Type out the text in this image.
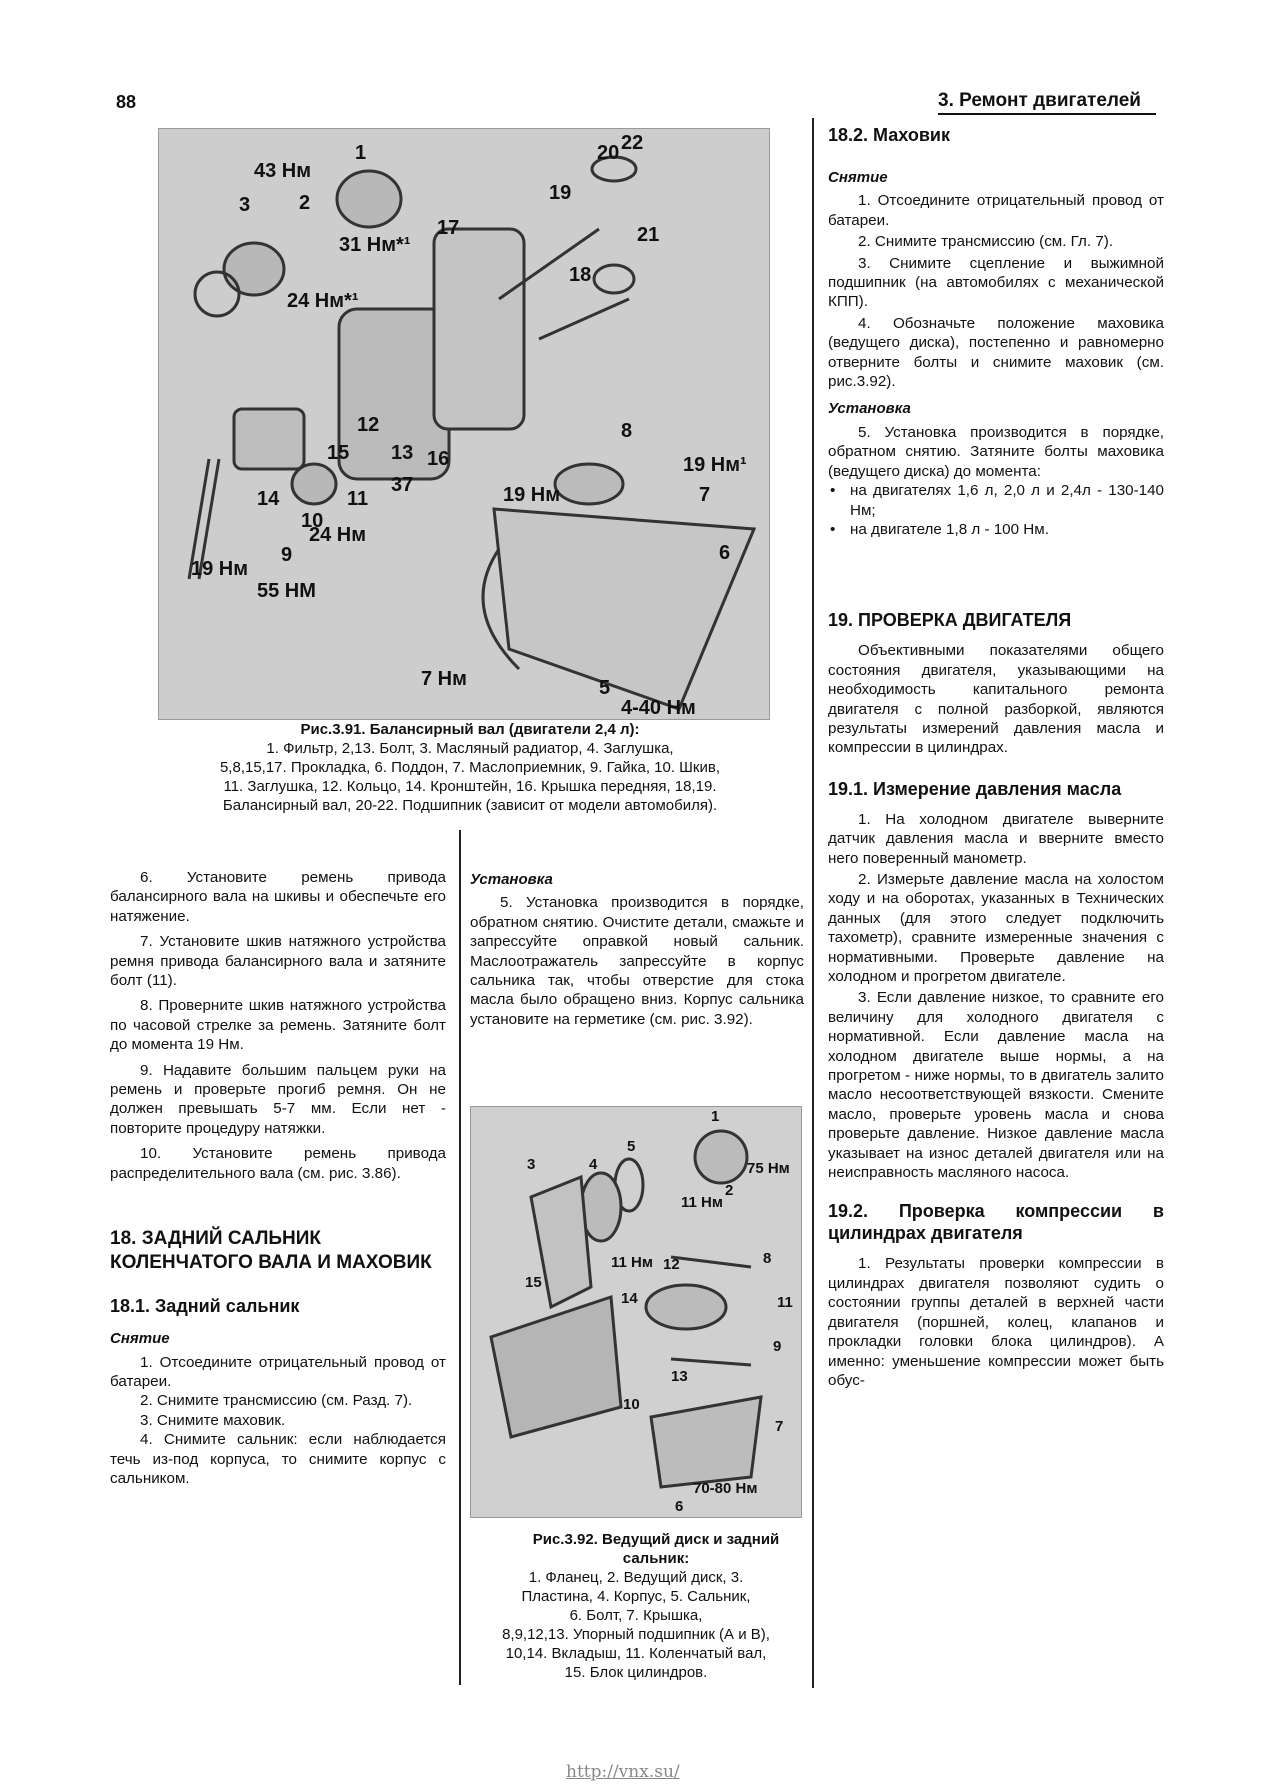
88	3. Ремонт двигателей
1
2
3
43 Нм
31 Нм*¹
24 Нм*¹
20 22
19
21
17
18
12
13
15	16
14	11
37
10
24 Нм
9
19 Нм
55 НМ
8
19 Нм¹
19 Нм	7
6
7 Нм	5
4-40 Нм
Рис.3.91. Балансирный вал (двигатели 2,4 л):
1. Фильтр, 2,13. Болт, 3. Масляный радиатор, 4. Заглушка,
5,8,15,17. Прокладка, 6. Поддон, 7. Маслоприемник, 9. Гайка, 10. Шкив,
11. Заглушка, 12. Кольцо, 14. Кронштейн, 16. Крышка передняя, 18,19.
Балансирный вал, 20-22. Подшипник (зависит от модели автомобиля).

6. Установите ремень привода балансирного вала на шкивы и обеспечьте его натяжение.

7. Установите шкив натяжного устройства ремня привода балансирного вала и затяните болт (11).

8. Проверните шкив натяжного устройства по часовой стрелке за ремень. Затяните болт до момента 19 Нм.

9. Надавите большим пальцем руки на ремень и проверьте прогиб ремня. Он не должен превышать 5-7 мм. Если нет - повторите процедуру натяжки.

10. Установите ремень привода распределительного вала (см. рис. 3.86).

18. ЗАДНИЙ САЛЬНИК КОЛЕНЧАТОГО ВАЛА И МАХОВИК
18.1. Задний сальник
Снятие

1. Отсоедините отрицательный провод от батареи.

2. Снимите трансмиссию (см. Разд. 7).

3. Снимите маховик.

4. Снимите сальник: если наблюдается течь из-под корпуса, то снимите корпус с сальником.

Установка

5. Установка производится в порядке, обратном снятию. Очистите детали, смажьте и запрессуйте оправкой новый сальник. Маслоотражатель запрессуйте в корпус сальника так, чтобы отверстие для стока масла было обращено вниз. Корпус сальника установите на герметике (см. рис. 3.92).

1
75 Нм
2
11 Нм
3	4
5
11 Нм 12	8
14	11
15
9
13
10
7
6
70-80 Нм
Рис.3.92. Ведущий диск и задний сальник:
1. Фланец, 2. Ведущий диск, 3.
Пластина, 4. Корпус, 5. Сальник,
6. Болт, 7. Крышка,
8,9,12,13. Упорный подшипник (А и В),
10,14. Вкладыш, 11. Коленчатый вал,
15. Блок цилиндров.
18.2. Маховик
Снятие

1. Отсоедините отрицательный провод от батареи.

2. Снимите трансмиссию (см. Гл. 7).

3. Снимите сцепление и выжимной подшипник (на автомобилях с механической КПП).

4. Обозначьте положение маховика (ведущего диска), постепенно и равномерно отверните болты и снимите маховик (см. рис.3.92).

Установка

5. Установка производится в порядке, обратном снятию. Затяните болты маховика (ведущего диска) до момента:

• на двигателях 1,6 л, 2,0 л и 2,4л - 130-140 Нм;
• на двигателе 1,8 л - 100 Нм.
19. ПРОВЕРКА ДВИГАТЕЛЯ

Объективными показателями общего состояния двигателя, указывающими на необходимость капитального ремонта двигателя с полной разборкой, являются результаты измерений давления масла и компрессии в цилиндрах.

19.1. Измерение давления масла

1. На холодном двигателе выверните датчик давления масла и вверните вместо него поверенный манометр.

2. Измерьте давление масла на холостом ходу и на оборотах, указанных в Технических данных (для этого следует подключить тахометр), сравните измеренные значения с нормативными. Проверьте давление на холодном и прогретом двигателе.

3. Если давление низкое, то сравните его величину для холодного двигателя с нормативной. Если давление масла на холодном двигателе выше нормы, а на прогретом - ниже нормы, то в двигатель залито масло несоответствующей вязкости. Смените масло, проверьте уровень масла и снова проверьте давление. Низкое давление масла указывает на износ деталей двигателя или на неисправность масляного насоса.

19.2. Проверка компрессии в цилиндрах двигателя

1. Результаты проверки компрессии в цилиндрах двигателя позволяют судить о состоянии группы деталей в верхней части двигателя (поршней, колец, клапанов и прокладки головки блока цилиндров). А именно: уменьшение компрессии может быть обус-

http://vnx.su/
